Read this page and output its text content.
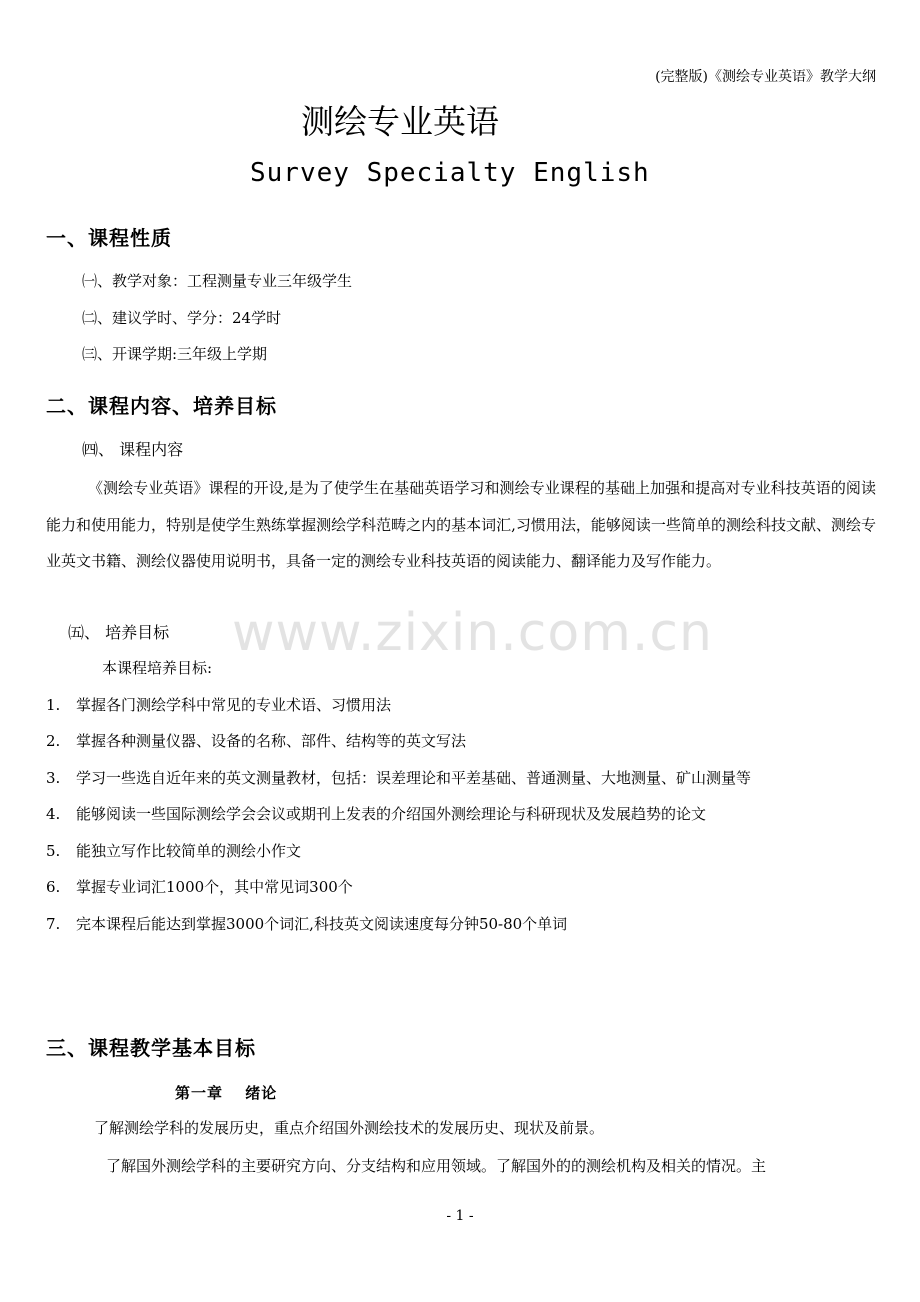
(完整版)《测绘专业英语》教学大纲
测绘专业英语
Survey Specialty English
一、课程性质
㈠、教学对象：工程测量专业三年级学生
㈡、建议学时、学分：24学时
㈢、开课学期:三年级上学期
二、课程内容、培养目标
㈣、 课程内容
《测绘专业英语》课程的开设,是为了使学生在基础英语学习和测绘专业课程的基础上加强和提高对专业科技英语的阅读能力和使用能力，特别是使学生熟练掌握测绘学科范畴之内的基本词汇,习惯用法，能够阅读一些简单的测绘科技文献、测绘专业英文书籍、测绘仪器使用说明书，具备一定的测绘专业科技英语的阅读能力、翻译能力及写作能力。
www.zixin.com.cn
㈤、 培养目标
本课程培养目标:
1. 掌握各门测绘学科中常见的专业术语、习惯用法
2. 掌握各种测量仪器、设备的名称、部件、结构等的英文写法
3. 学习一些选自近年来的英文测量教材，包括：误差理论和平差基础、普通测量、大地测量、矿山测量等
4. 能够阅读一些国际测绘学会会议或期刊上发表的介绍国外测绘理论与科研现状及发展趋势的论文
5. 能独立写作比较简单的测绘小作文
6. 掌握专业词汇1000个，其中常见词300个
7. 完本课程后能达到掌握3000个词汇,科技英文阅读速度每分钟50-80个单词
三、课程教学基本目标
第一章　 绪论
了解测绘学科的发展历史，重点介绍国外测绘技术的发展历史、现状及前景。
了解国外测绘学科的主要研究方向、分支结构和应用领域。了解国外的的测绘机构及相关的情况。主
- 1 -
